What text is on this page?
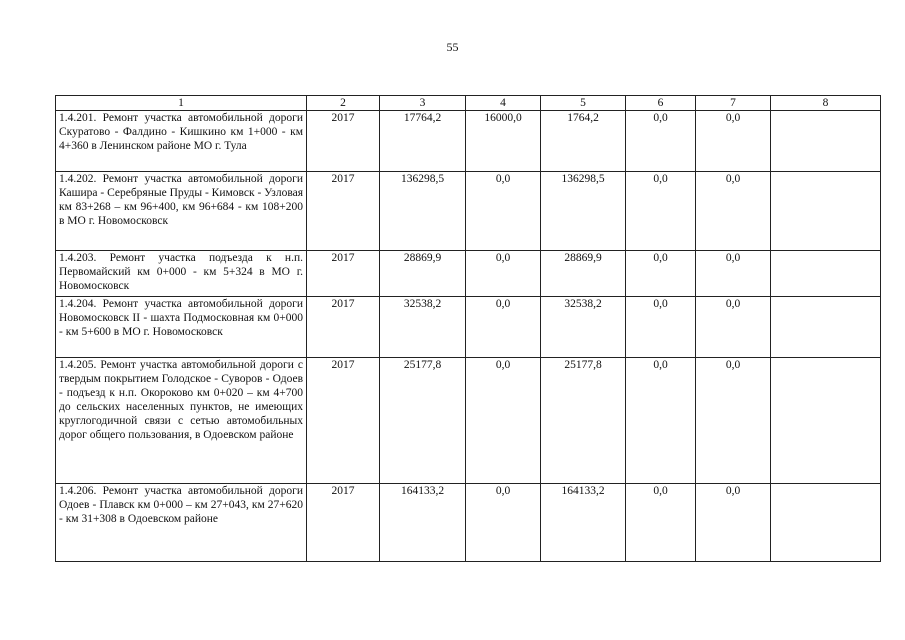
55
1	2	3	4	5	6	7	8
1.4.201. Ремонт участка автомобильной дороги Скуратово - Фалдино - Кишкино км 1+000 - км 4+360 в Ленинском районе МО г. Тула	2017	17764,2	16000,0	1764,2	0,0	0,0	
1.4.202. Ремонт участка автомобильной дороги Кашира - Серебряные Пруды - Кимовск - Узловая км 83+268 – км 96+400, км 96+684 - км 108+200 в МО г. Новомосковск	2017	136298,5	0,0	136298,5	0,0	0,0	
1.4.203. Ремонт участка подъезда к н.п. Первомайский км 0+000 - км 5+324 в МО г. Новомосковск	2017	28869,9	0,0	28869,9	0,0	0,0	
1.4.204. Ремонт участка автомобильной дороги Новомосковск II - шахта Подмосковная км 0+000 - км 5+600 в МО г. Новомосковск	2017	32538,2	0,0	32538,2	0,0	0,0	
1.4.205. Ремонт участка автомобильной дороги с твердым покрытием Голодское - Суворов - Одоев - подъезд к н.п. Окороково км 0+020 – км 4+700 до сельских населенных пунктов, не имеющих круглогодичной связи с сетью автомобильных дорог общего пользования, в Одоевском районе	2017	25177,8	0,0	25177,8	0,0	0,0	
1.4.206. Ремонт участка автомобильной дороги Одоев - Плавск км 0+000 – км 27+043, км 27+620 - км 31+308 в Одоевском районе	2017	164133,2	0,0	164133,2	0,0	0,0	
